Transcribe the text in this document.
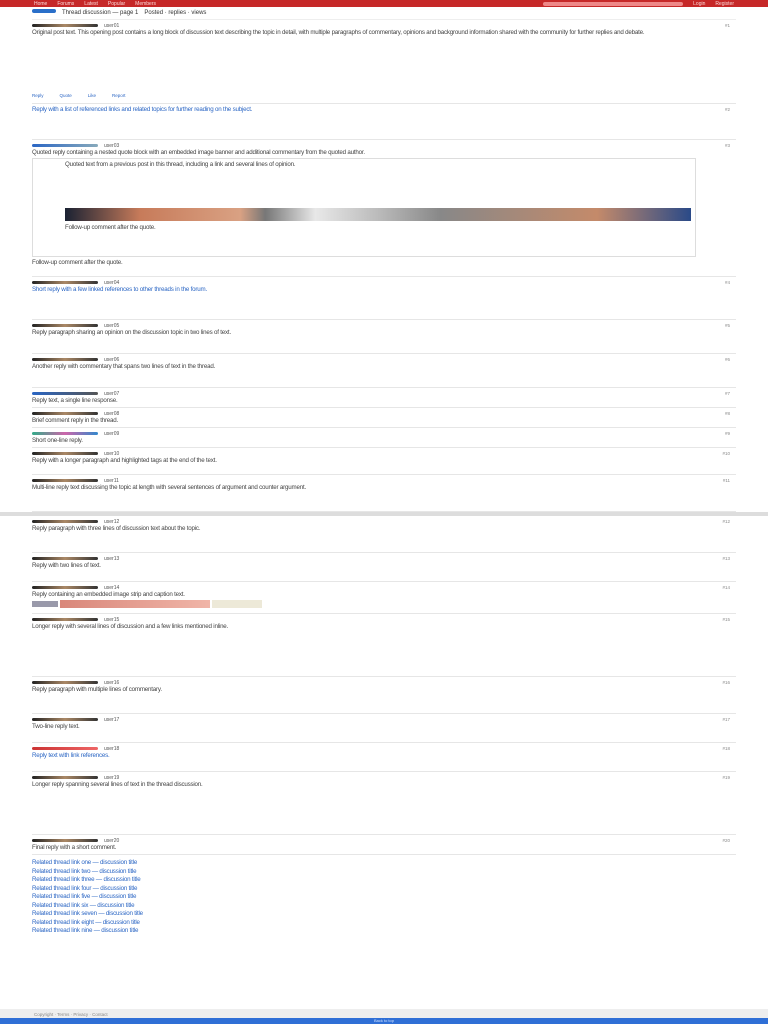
Home Forums Latest Popular Members	Login Register
Thread discussion — page 1 Posted · replies · views
user01
Original post text. This opening post contains a long block of discussion text describing the topic in detail, with multiple paragraphs of commentary, opinions and background information shared with the community for further replies and debate.
Reply	Quote	Like	Report
#1
Reply with a list of referenced links and related topics for further reading on the subject.	#2
user03
Quoted reply containing a nested quote block with an embedded image banner and additional commentary from the quoted author.
Quoted text from a previous post in this thread, including a link and several lines of opinion.
Follow-up comment after the quote.
Follow-up comment after the quote.
#3
user04
Short reply with a few linked references to other threads in the forum.
#4
user05
Reply paragraph sharing an opinion on the discussion topic in two lines of text.
#5
user06
Another reply with commentary that spans two lines of text in the thread.
#6
user07
Reply text, a single line response.
#7
user08
Brief comment reply in the thread.
#8
user09
Short one-line reply.
#9
user10
Reply with a longer paragraph and highlighted tags at the end of the text.
#10
user11
Multi-line reply text discussing the topic at length with several sentences of argument and counter argument.
#11
user12
Reply paragraph with three lines of discussion text about the topic.
#12
user13
Reply with two lines of text.
#13
user14
Reply containing an embedded image strip and caption text.
#14
user15
Longer reply with several lines of discussion and a few links mentioned inline.
#15
user16
Reply paragraph with multiple lines of commentary.
#16
user17
Two-line reply text.
#17
user18
Reply text with link references.
#18
user19
Longer reply spanning several lines of text in the thread discussion.
#19
user20
Final reply with a short comment.
#20
Related thread link one — discussion title
Related thread link two — discussion title
Related thread link three — discussion title
Related thread link four — discussion title
Related thread link five — discussion title
Related thread link six — discussion title
Related thread link seven — discussion title
Related thread link eight — discussion title
Related thread link nine — discussion title
Copyright · Terms · Privacy · Contact
Back to top
